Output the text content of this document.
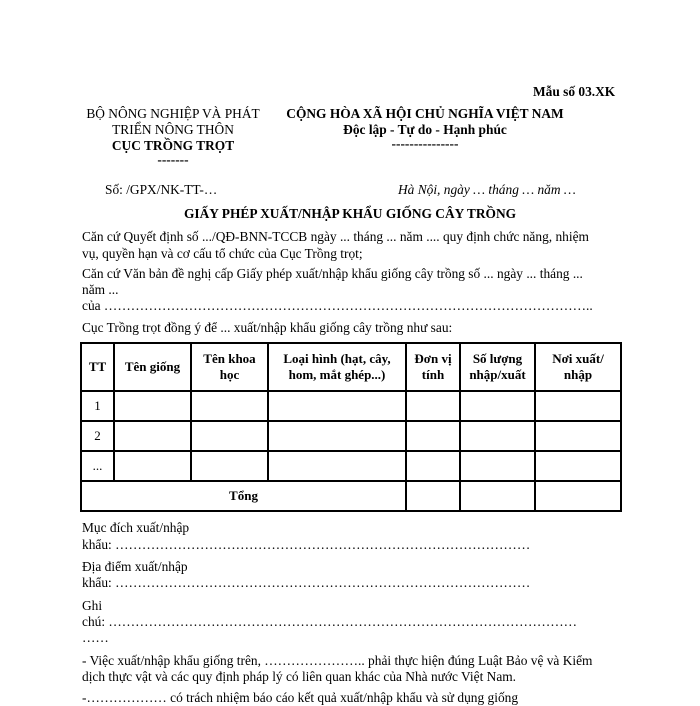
Mẫu số 03.XK
BỘ NÔNG NGHIỆP VÀ PHÁT
TRIỂN NÔNG THÔN
CỤC TRỒNG TRỌT
-------
CỘNG HÒA XÃ HỘI CHỦ NGHĨA VIỆT NAM
Độc lập - Tự do - Hạnh phúc
---------------
Số: /GPX/NK-TT-…	Hà Nội, ngày … tháng … năm …
GIẤY PHÉP XUẤT/NHẬP KHẨU GIỐNG CÂY TRỒNG
Căn cứ Quyết định số .../QĐ-BNN-TCCB ngày ... tháng ... năm .... quy định chức năng, nhiệm
vụ, quyền hạn và cơ cấu tổ chức của Cục Trồng trọt;
Căn cứ Văn bản đề nghị cấp Giấy phép xuất/nhập khẩu giống cây trồng số ... ngày ... tháng ...
năm ...
của ………………………………………………………………………………………………..
Cục Trồng trọt đồng ý để ... xuất/nhập khẩu giống cây trồng như sau:
TT	Tên giống	Tên khoa học	Loại hình (hạt, cây, hom, mắt ghép...)	Đơn vị tính	Số lượng nhập/xuất	Nơi xuất/ nhập
1						
2						
...						
Tổng						
Mục đích xuất/nhập
khẩu: …………………………………………………………………………………
Địa điểm xuất/nhập
khẩu: …………………………………………………………………………………
Ghi
chú: ……………………………………………………………………………………………
……
- Việc xuất/nhập khẩu giống trên, ………………….. phải thực hiện đúng Luật Bảo vệ và Kiểm
dịch thực vật và các quy định pháp lý có liên quan khác của Nhà nước Việt Nam.
-……………… có trách nhiệm báo cáo kết quả xuất/nhập khẩu và sử dụng giống
